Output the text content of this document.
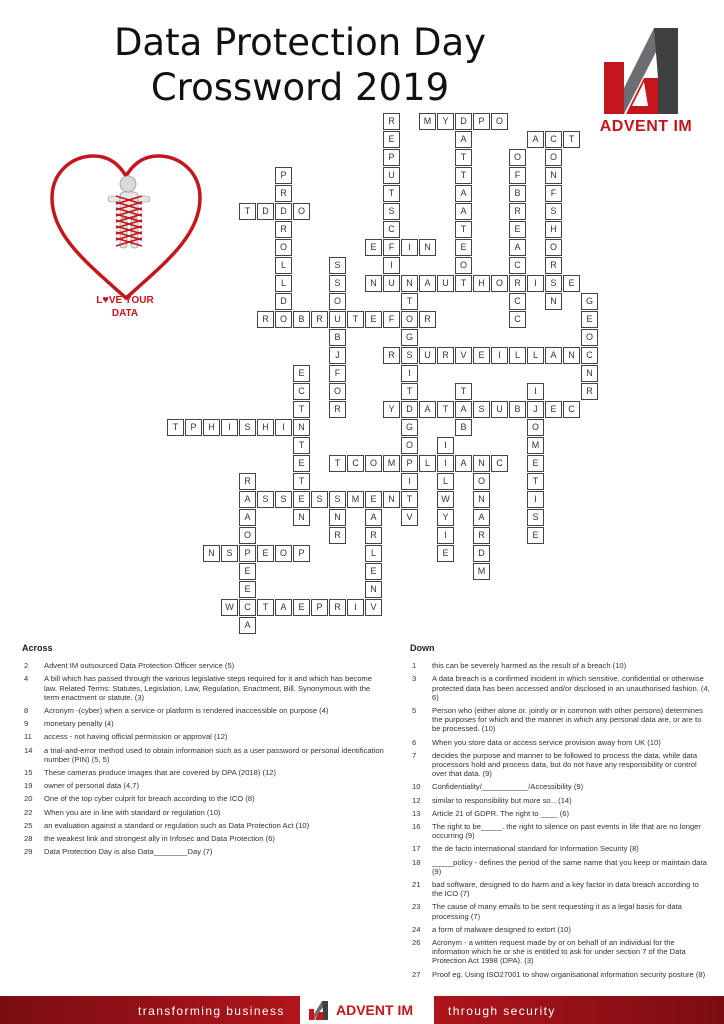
Data Protection Day
Crossword 2019
ADVENT IM
L♥VE YOUR
DATA
R	M	Y	D	P	O
E	A	A	C	T
P	T	O	O
P	U	T	F	N
R	T	A	B	F
T	D	D	O	S	A	R	S
R	C	T	E	H
O	E	F	I	N	E	A	O
L	S	I	O	C	R
L	S	N	U	N	A	U	T	H	O	R	I	S	E
D	O	T	C	N	G
R	O	B	R	U	T	E	F	O	R	C	E
B	G	O
J	R	S	U	R	V	E	I	L	L	A	N	C
E	F	I	N
C	O	T	T	I	R
T	R	Y	D	A	T	A	S	U	B	J	E	C
T	P	H	I	S	H	I	N	G	B	O
T	O	I	M
E	T	C	O	M	P	L	I	A	N	C	E
R	T	I	L	O	T
A	S	S	E	S	S	M	E	N	T	W	N	I
A	N	N	A	V	Y	A	S
O	R	R	I	R	E
N	S	P	E	O	P	L	E	D
E	E	M
E	N
W	C	T	A	E	P	R	I	V
A
Across
2	Advent IM outsourced Data Protection Officer service (5)
4	A bill which has passed through the various legislative steps required for it and which has become law. Related Terms: Statutes, Legislation, Law, Regulation, Enactment, Bill. Synonymous with the term enactment or statute. (3)
8	Acronym -(cyber) when a service or platform is rendered inaccessible on purpose (4)
9	monetary penalty (4)
11	access - not having official permission or approval (12)
14	a trial-and-error method used to obtain information such as a user password or personal identification number (PIN) (5, 5)
15	These cameras produce images that are covered by DPA (2018) (12)
19	owner of personal data (4,7)
20	One of the top cyber culprit for breach according to the ICO (8)
22	When you are in line with standard or regulation (10)
25	an evaluation against a standard or regulation such as Data Protection Act (10)
28	the weakest link and strongest ally in Infosec and Data Protection (6)
29	Data Protection Day is also Data________Day (7)
Down
1	this can be severely harmed as the result of a breach (10)
3	A data breach is a confirmed incident in which sensitive, confidential or otherwise protected data has been accessed and/or disclosed in an unauthorised fashion. (4, 6)
5	Person who (either alone or. jointly or in common with other persons) determines the purposes for which and the manner in which any personal data are, or are to be processed. (10)
6	When you store data or access service provision away from UK (10)
7	decides the purpose and manner to be followed to process the data, while data processors hold and process data, but do not have any responsibility or control over that data. (9)
10	Confidentiality/___________/Accessibility (9)
12	similar to responsibility but more so…(14)
13	Article 21 of GDPR. The right to ____ (6)
16	The right to be_____. the right to silence on past events in life that are no longer occurring (9)
17	the de facto international standard for Information Security (8)
18	_____policy - defines the period of the same name that you keep or maintain data (9)
21	bad software, designed to do harm and a key factor in data breach according to the ICO (7)
23	The cause of many emails to be sent requesting it as a legal basis for data processing (7)
24	a form of malware designed to extort (10)
26	Acronym - a written request made by or on behalf of an individual for the information which he or she is entitled to ask for under section 7 of the Data Protection Act 1998 (DPA). (3)
27	Proof eg. Using ISO27001 to show organisational information security posture (8)
transforming business	ADVENT IM	through security
